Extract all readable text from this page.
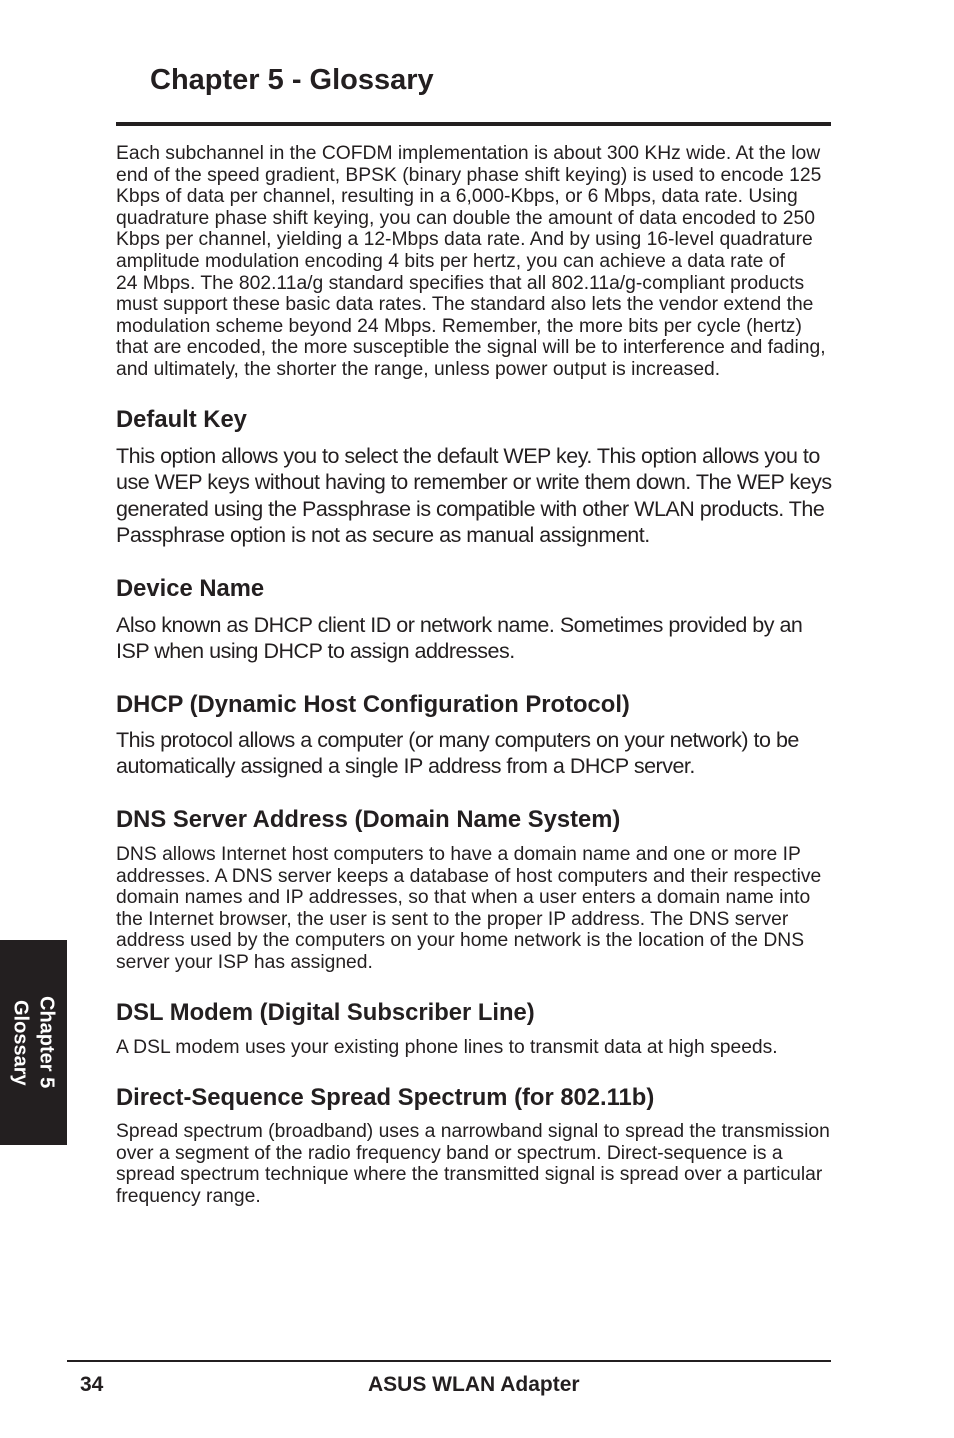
Chapter 5 - Glossary
Each subchannel in the COFDM implementation is about 300 KHz wide. At the low
end of the speed gradient, BPSK (binary phase shift keying) is used to encode 125
Kbps of data per channel, resulting in a 6,000-Kbps, or 6 Mbps, data rate. Using
quadrature phase shift keying, you can double the amount of data encoded to 250
Kbps per channel, yielding a 12-Mbps data rate. And by using 16-level quadrature
amplitude modulation encoding 4 bits per hertz, you can achieve a data rate of
24 Mbps. The 802.11a/g standard specifies that all 802.11a/g-compliant products
must support these basic data rates. The standard also lets the vendor extend the
modulation scheme beyond 24 Mbps. Remember, the more bits per cycle (hertz)
that are encoded, the more susceptible the signal will be to interference and fading,
and ultimately, the shorter the range, unless power output is increased.
Default Key
This option allows you to select the default WEP key. This option allows you to
use WEP keys without having to remember or write them down. The WEP keys
generated using the Passphrase is compatible with other WLAN products. The
Passphrase option is not as secure as manual assignment.
Device Name
Also known as DHCP client ID or network name. Sometimes provided by an
ISP when using DHCP to assign addresses.
DHCP (Dynamic Host Configuration Protocol)
This protocol allows a computer (or many computers on your network) to be
automatically assigned a single IP address from a DHCP server.
DNS Server Address (Domain Name System)
DNS allows Internet host computers to have a domain name and one or more IP
addresses. A DNS server keeps a database of host computers and their respective
domain names and IP addresses, so that when a user enters a domain name into
the Internet browser, the user is sent to the proper IP address. The DNS server
address used by the computers on your home network is the location of the DNS
server your ISP has assigned.
DSL Modem (Digital Subscriber Line)
A DSL modem uses your existing phone lines to transmit data at high speeds.
Direct-Sequence Spread Spectrum (for 802.11b)
Spread spectrum (broadband) uses a narrowband signal to spread the transmission
over a segment of the radio frequency band or spectrum. Direct-sequence is a
spread spectrum technique where the transmitted signal is spread over a particular
frequency range.
Chapter 5
Glossary
34	ASUS WLAN Adapter
